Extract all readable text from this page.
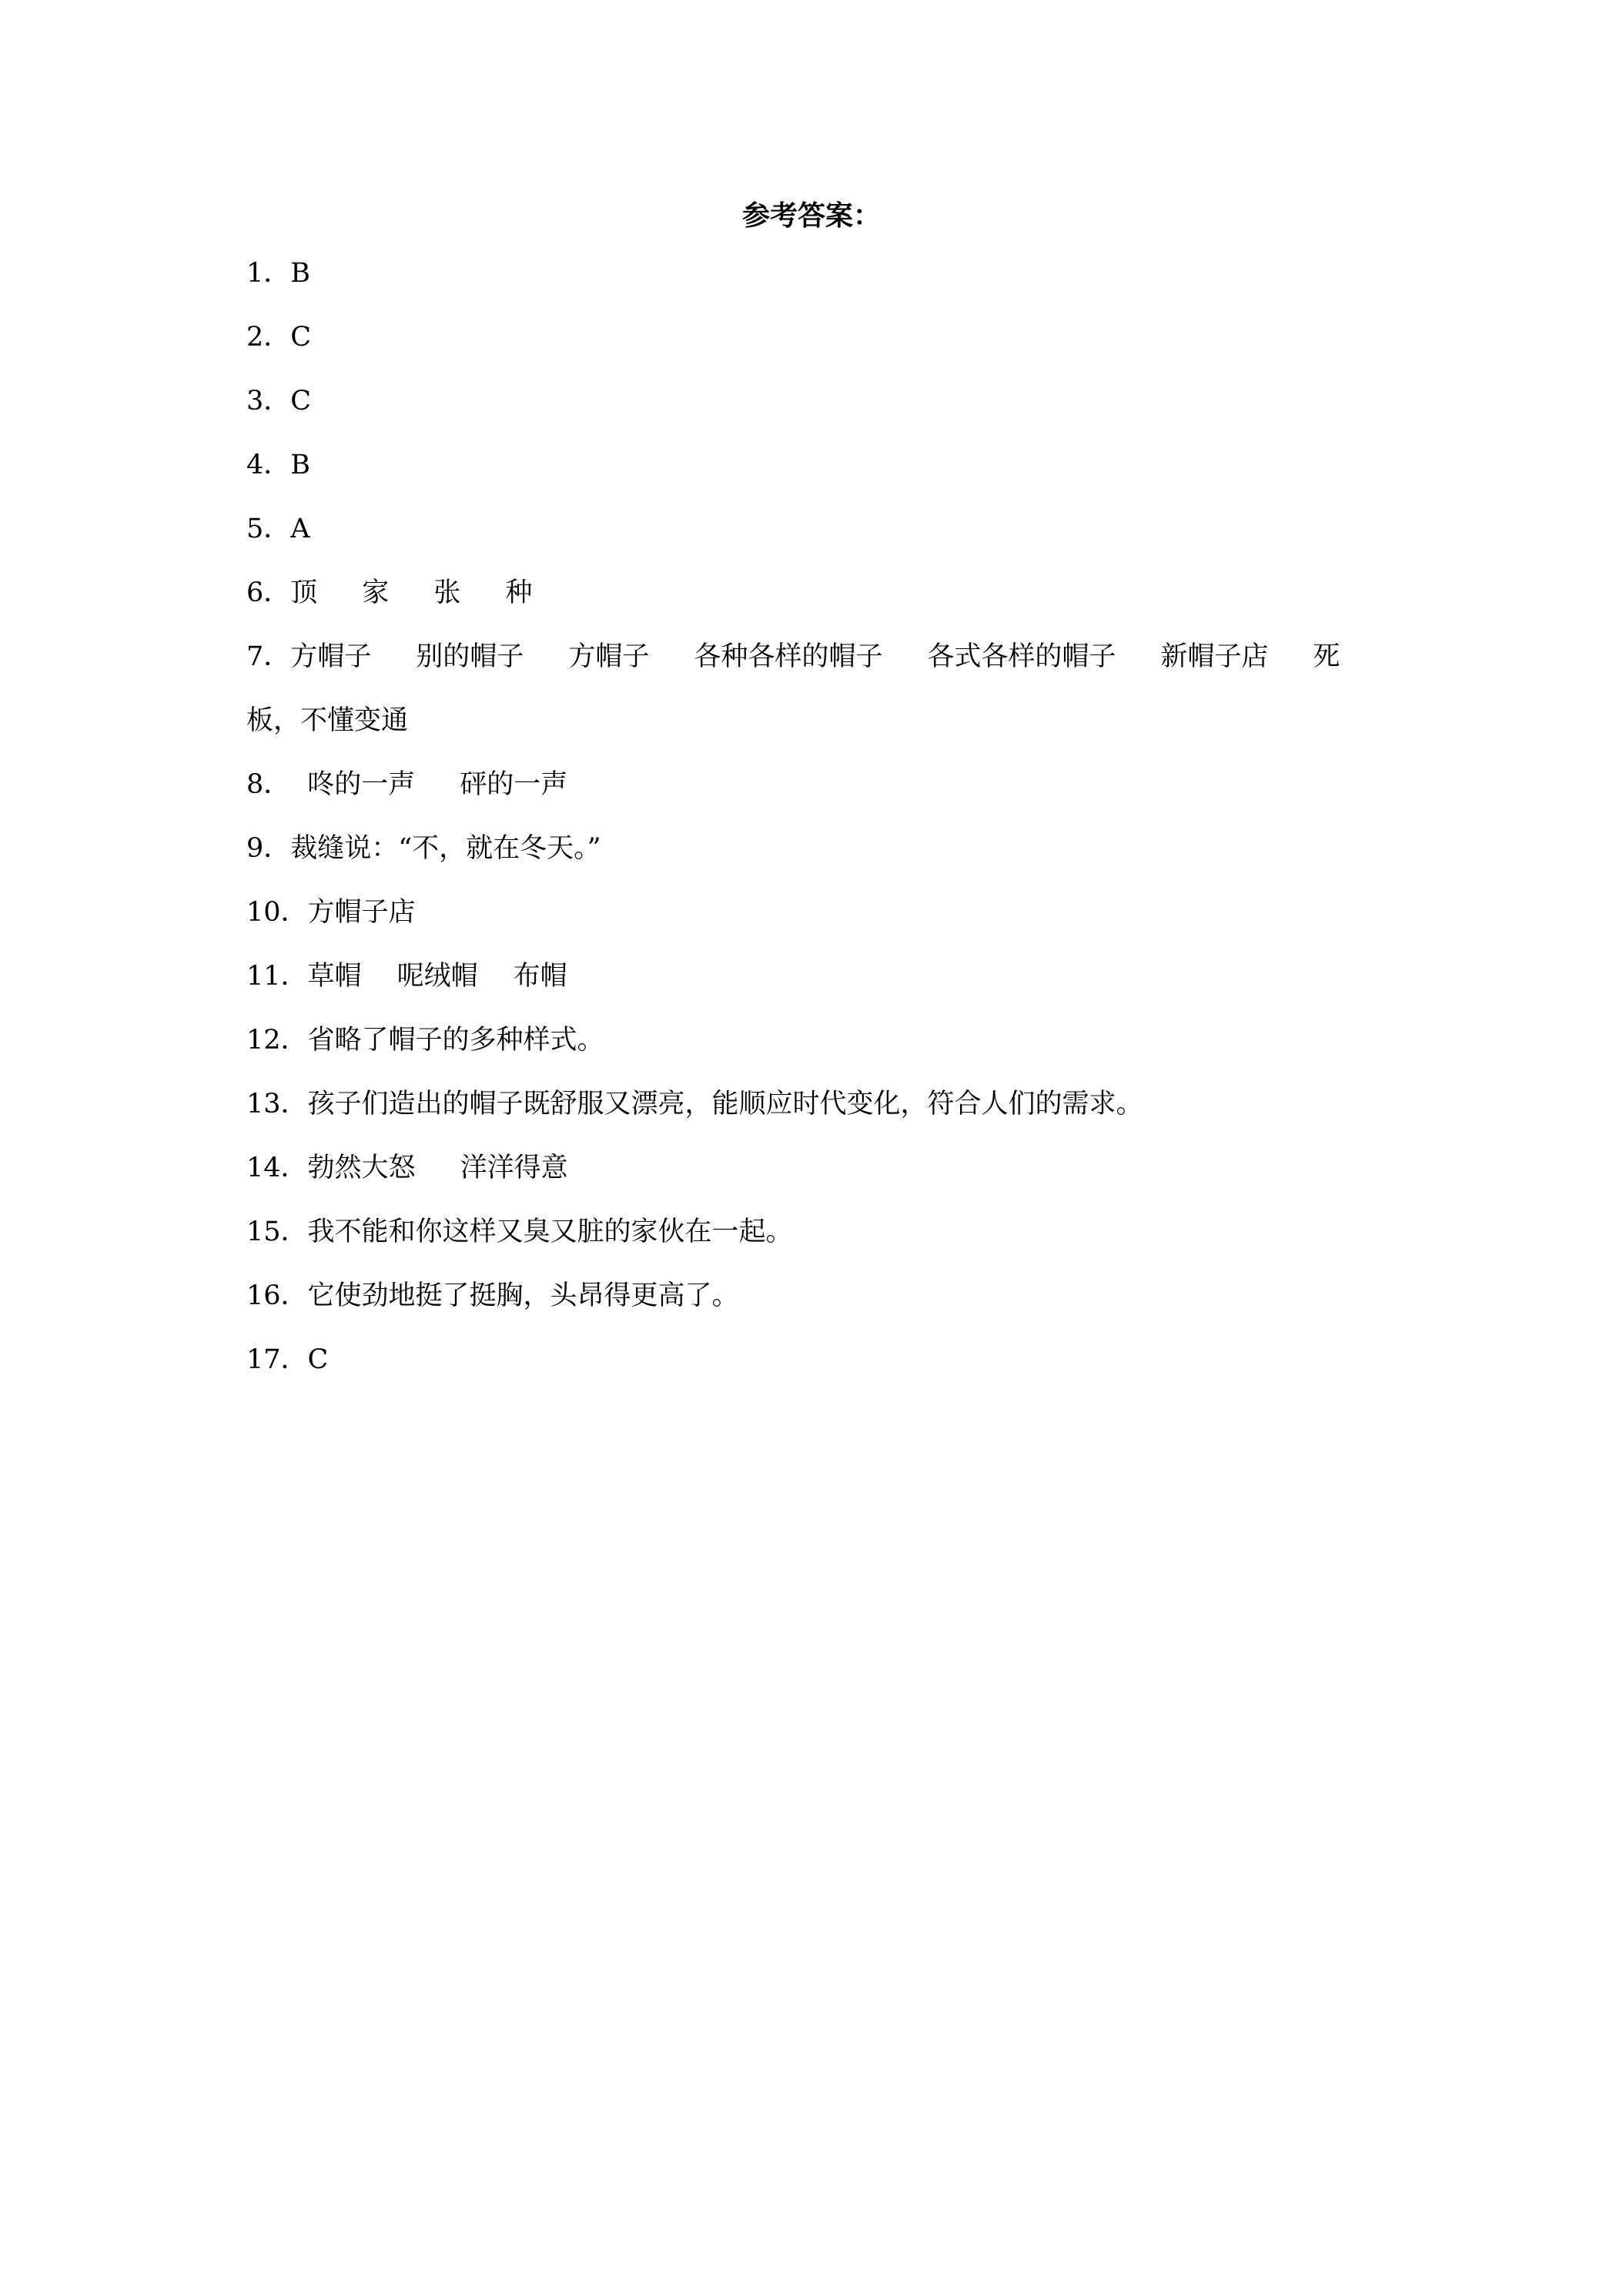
参考答案：
1．B
2．C
3．C
4．B
5．A
6．顶 家 张 种
7．方帽子 别的帽子 方帽子 各种各样的帽子 各式各样的帽子 新帽子店 死
板，不懂变通
8． 咚的一声 砰的一声
9．裁缝说：“不，就在冬天。”
10．方帽子店
11．草帽 呢绒帽 布帽
12．省略了帽子的多种样式。
13．孩子们造出的帽子既舒服又漂亮，能顺应时代变化，符合人们的需求。
14．勃然大怒 洋洋得意
15．我不能和你这样又臭又脏的家伙在一起。
16．它使劲地挺了挺胸，头昂得更高了。
17．C
